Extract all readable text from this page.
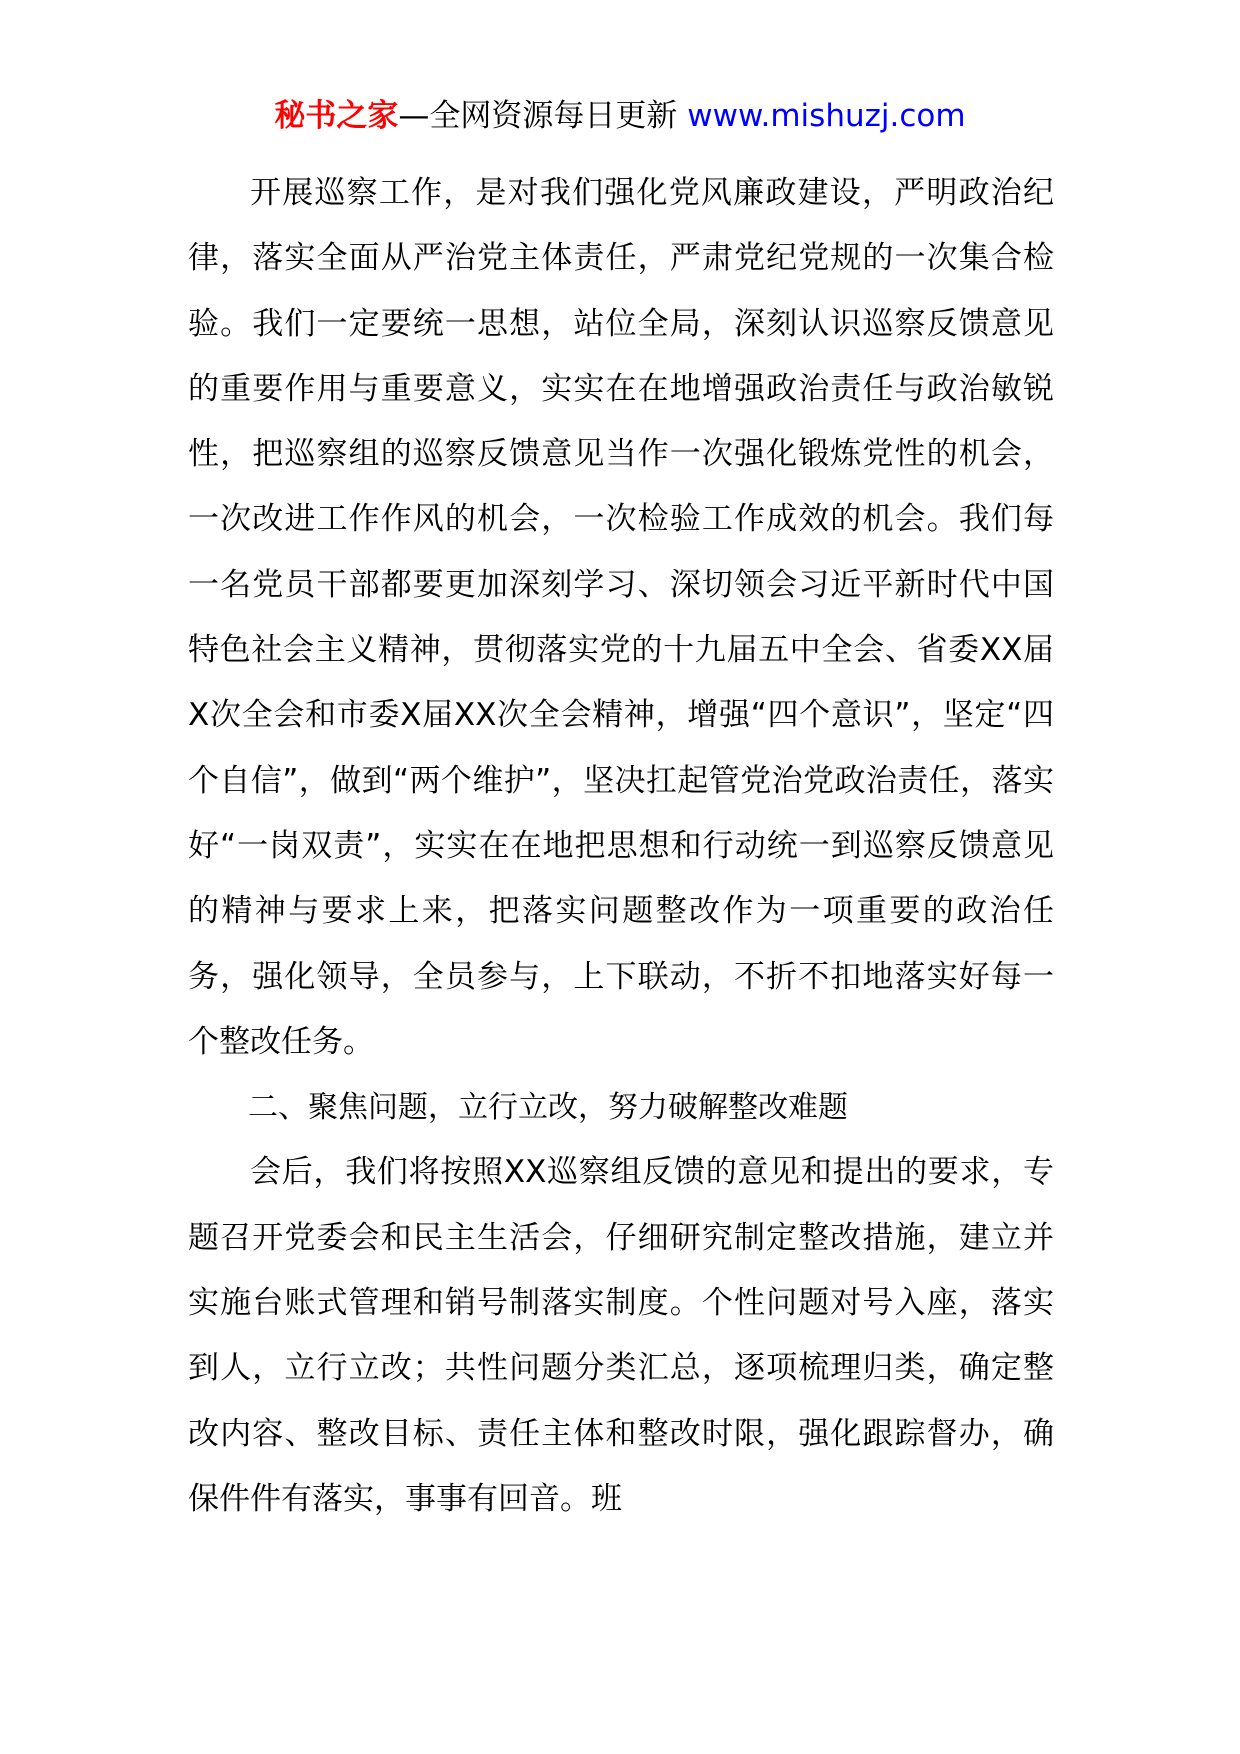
秘书之家—全网资源每日更新 www.mishuzj.com

开展巡察工作，是对我们强化党风廉政建设，严明政治纪律，落实全面从严治党主体责任，严肃党纪党规的一次集合检验。我们一定要统一思想，站位全局，深刻认识巡察反馈意见的重要作用与重要意义，实实在在地增强政治责任与政治敏锐性，把巡察组的巡察反馈意见当作一次强化锻炼党性的机会，一次改进工作作风的机会，一次检验工作成效的机会。我们每一名党员干部都要更加深刻学习、深切领会习近平新时代中国特色社会主义精神，贯彻落实党的十九届五中全会、省委XX届X次全会和市委X届XX次全会精神，增强“四个意识”，坚定“四个自信”，做到“两个维护”，坚决扛起管党治党政治责任，落实好“一岗双责”，实实在在地把思想和行动统一到巡察反馈意见的精神与要求上来，把落实问题整改作为一项重要的政治任务，强化领导，全员参与，上下联动，不折不扣地落实好每一个整改任务。

二、聚焦问题，立行立改，努力破解整改难题

会后，我们将按照XX巡察组反馈的意见和提出的要求，专题召开党委会和民主生活会，仔细研究制定整改措施，建立并实施台账式管理和销号制落实制度。个性问题对号入座，落实到人，立行立改；共性问题分类汇总，逐项梳理归类，确定整改内容、整改目标、责任主体和整改时限，强化跟踪督办，确保件件有落实，事事有回音。班
